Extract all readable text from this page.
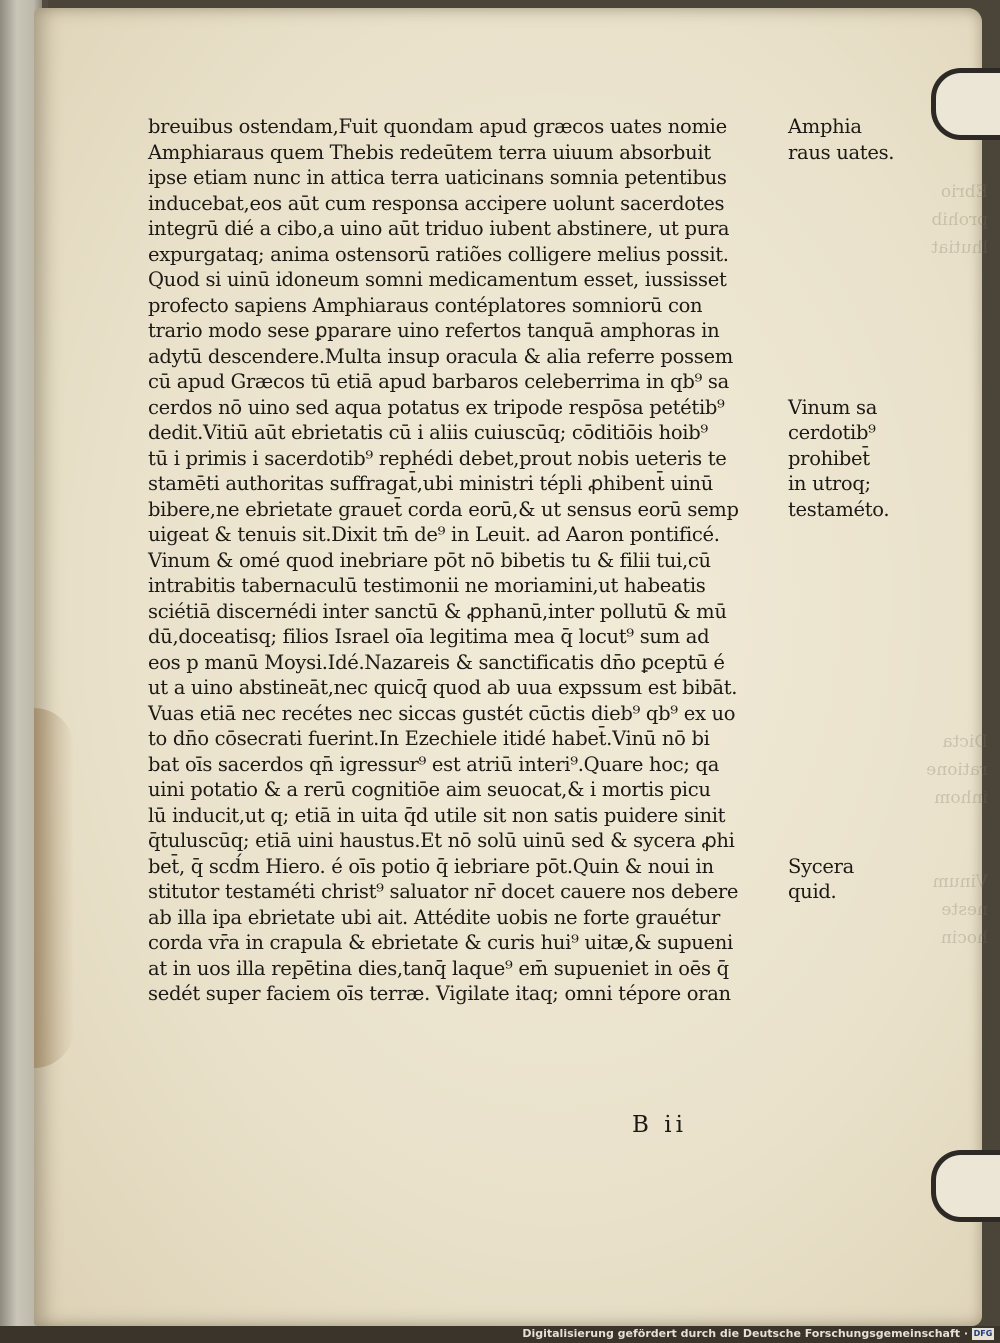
Ebrio
prohib
lhutiat
Dicta
ratione
inhom
Vinum
neste
hocin
breuibus ostendam,Fuit quondam apud græcos uates nomie
Amphiaraus quem Thebis redeūtem terra uiuum absorbuit
ipse etiam nunc in attica terra uaticinans somnia petentibus
inducebat,eos aūt cum responsa accipere uolunt sacerdotes
integrū dié a cibo,a uino aūt triduo iubent abstinere, ut pura
expurgataq; anima ostensorū ratiões colligere melius possit.
Quod si uinū idoneum somni medicamentum esset, iussisset
profecto sapiens Amphiaraus contéplatores somniorū con
trario modo sese ꝑparare uino refertos tanquā amphoras in
adytū descendere.Multa insup oracula & alia referre possem
cū apud Græcos tū etiā apud barbaros celeberrima in qb⁹ sa
cerdos nō uino sed aqua potatus ex tripode respōsa petétib⁹
dedit.Vitiū aūt ebrietatis cū i aliis cuiuscūq; cōditiōis hoib⁹
tū i primis i sacerdotib⁹ rephédi debet,prout nobis ueteris te
stamēti authoritas suffragat̄,ubi ministri tépli ꝓhibent̄ uinū
bibere,ne ebrietate grauet̄ corda eorū,& ut sensus eorū semp
uigeat & tenuis sit.Dixit tm̄ de⁹ in Leuit. ad Aaron pontificé.
Vinum & omé quod inebriare pōt nō bibetis tu & filii tui,cū
intrabitis tabernaculū testimonii ne moriamini,ut habeatis
sciétiā discernédi inter sanctū & ꝓphanū,inter pollutū & mū
dū,doceatisq; filios Israel oīa legitima mea q̄ locut⁹ sum ad
eos p manū Moysi.Idé.Nazareis & sanctificatis dn̄o ꝑceptū é
ut a uino abstineāt,nec quicq̄ quod ab uua expssum est bibāt.
Vuas etiā nec recétes nec siccas gustét cūctis dieb⁹ qb⁹ ex uo
to dn̄o cōsecrati fuerint.In Ezechiele itidé habet̄.Vinū nō bi
bat oīs sacerdos qn̄ igressur⁹ est atriū interi⁹.Quare hoc; qa
uini potatio & a rerū cognitiōe aim seuocat,& i mortis picu
lū inducit,ut q; etiā in uita q̄d utile sit non satis puidere sinit
q̄tuluscūq; etiā uini haustus.Et nō solū uinū sed & sycera ꝓhi
bet̄, q̄ scd́m Hiero. é oīs potio q̄ iebriare pōt.Quin & noui in
stitutor testaméti christ⁹ saluator nr̄ docet cauere nos debere
ab illa ipa ebrietate ubi ait. Attédite uobis ne forte grauétur
corda vr̄a in crapula & ebrietate & curis hui⁹ uitæ,& supueni
at in uos illa repētina dies,tanq̄ laque⁹ em̄ supueniet in oēs q̄
sedét super faciem oīs terræ. Vigilate itaq; omni tépore oran
Amphia
raus uates.
Vinum sa
cerdotib⁹
prohibet̄
in utroq;
testaméto.
Sycera
quid.
B ii
Digitalisierung gefördert durch die Deutsche Forschungsgemeinschaft · DFG
